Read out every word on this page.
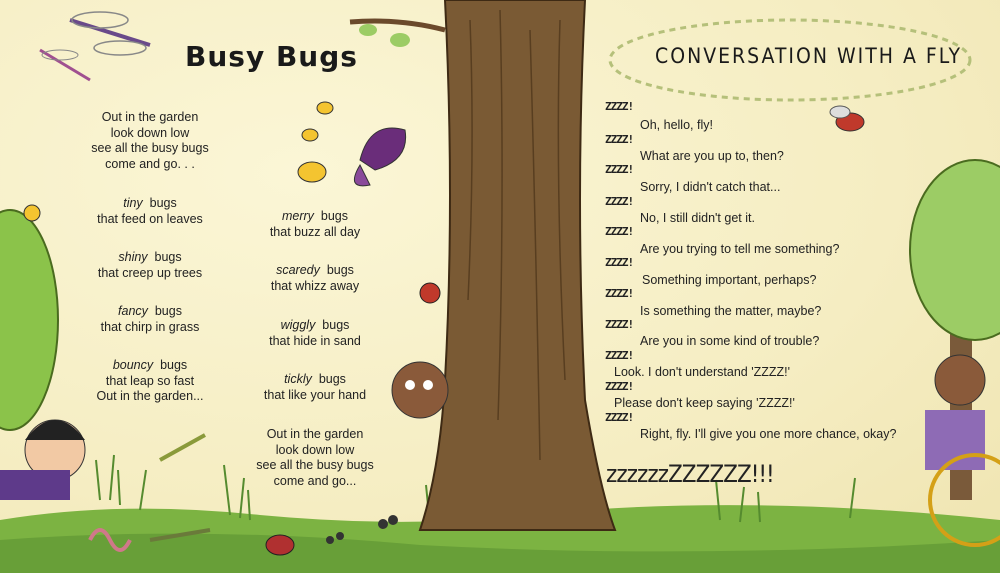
Busy Bugs
Out in the garden
look down low
see all the busy bugs
come and go. . .
tiny bugs
that feed on leaves
shiny bugs
that creep up trees
fancy bugs
that chirp in grass
bouncy bugs
that leap so fast
Out in the garden...
merry bugs
that buzz all day
scaredy bugs
that whizz away
wiggly bugs
that hide in sand
tickly bugs
that like your hand
Out in the garden
look down low
see all the busy bugs
come and go...
CONVERSATION WITH A FLY
ZZZZ!
Oh, hello, fly!
ZZZZ!
What are you up to, then?
ZZZZ!
Sorry, I didn't catch that...
ZZZZ!
No, I still didn't get it.
ZZZZ!
Are you trying to tell me something?
ZZZZ!
Something important, perhaps?
ZZZZ!
Is something the matter, maybe?
ZZZZ!
Are you in some kind of trouble?
ZZZZ!
Look. I don't understand 'ZZZZ!'
ZZZZ!
Please don't keep saying 'ZZZZ!'
ZZZZ!
Right, fly. I'll give you one more chance, okay?
zzzzzzZZZZZZ!!!
